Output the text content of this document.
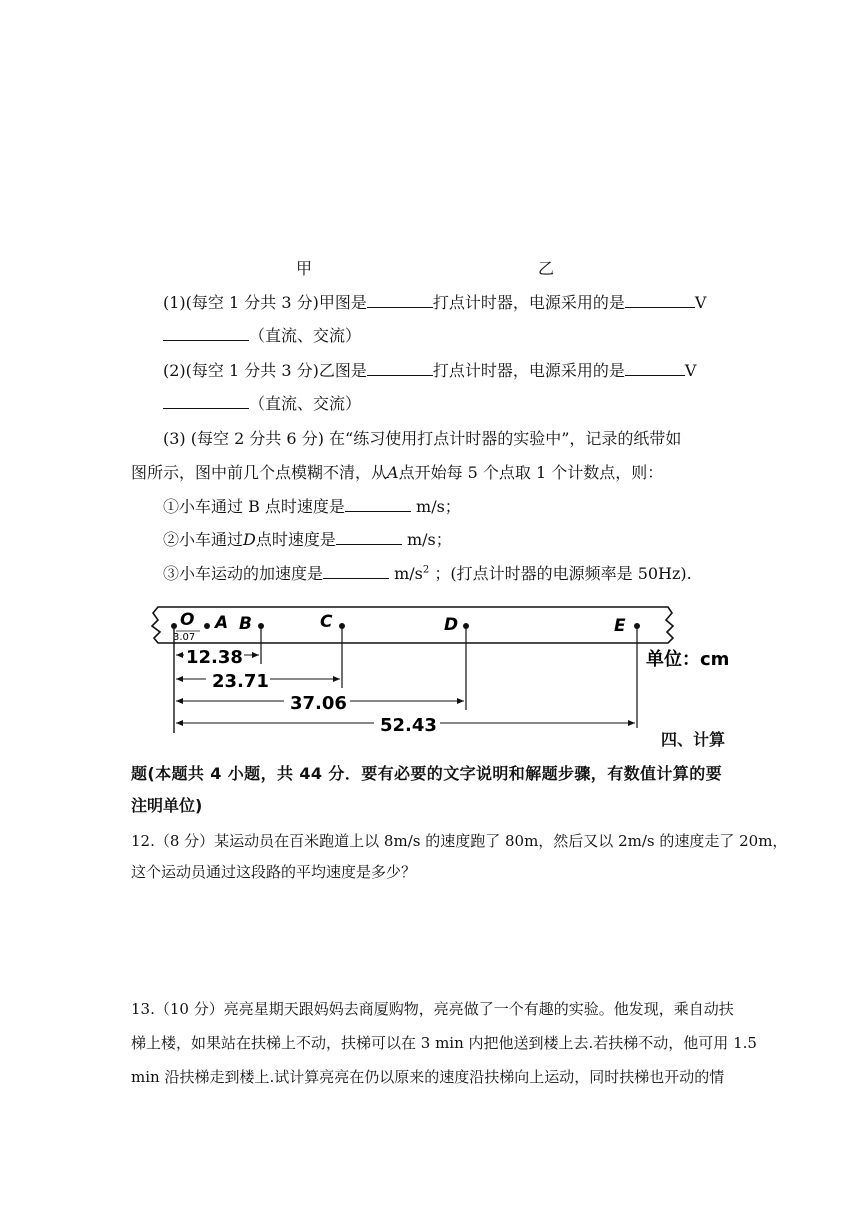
甲	乙
(1)(每空 1 分共 3 分)甲图是	打点计时器，电源采用的是	V
（直流、交流）
(2)(每空 1 分共 3 分)乙图是	打点计时器，电源采用的是	V
（直流、交流）
(3) (每空 2 分共 6 分) 在“练习使用打点计时器的实验中”，记录的纸带如
图所示，图中前几个点模糊不清，从A点开始每 5 个点取 1 个计数点，则：
①小车通过 B 点时速度是	m/s；
②小车通过D点时速度是	m/s；
③小车运动的加速度是	$m/s^2$ ；(打点计时器的电源频率是 50Hz).
O A B	C	D	E
3.07
12.38
23.71
37.06
52.43
单位：cm
四、计算
题(本题共 4 小题，共 44 分．要有必要的文字说明和解题步骤，有数值计算的要
注明单位)
12.（8 分）某运动员在百米跑道上以 8m/s 的速度跑了 80m，然后又以 2m/s 的速度走了 20m，
这个运动员通过这段路的平均速度是多少？
13.（10 分）亮亮星期天跟妈妈去商厦购物，亮亮做了一个有趣的实验。他发现，乘自动扶
梯上楼，如果站在扶梯上不动，扶梯可以在 3 min 内把他送到楼上去.若扶梯不动，他可用 1.5
min 沿扶梯走到楼上.试计算亮亮在仍以原来的速度沿扶梯向上运动，同时扶梯也开动的情
